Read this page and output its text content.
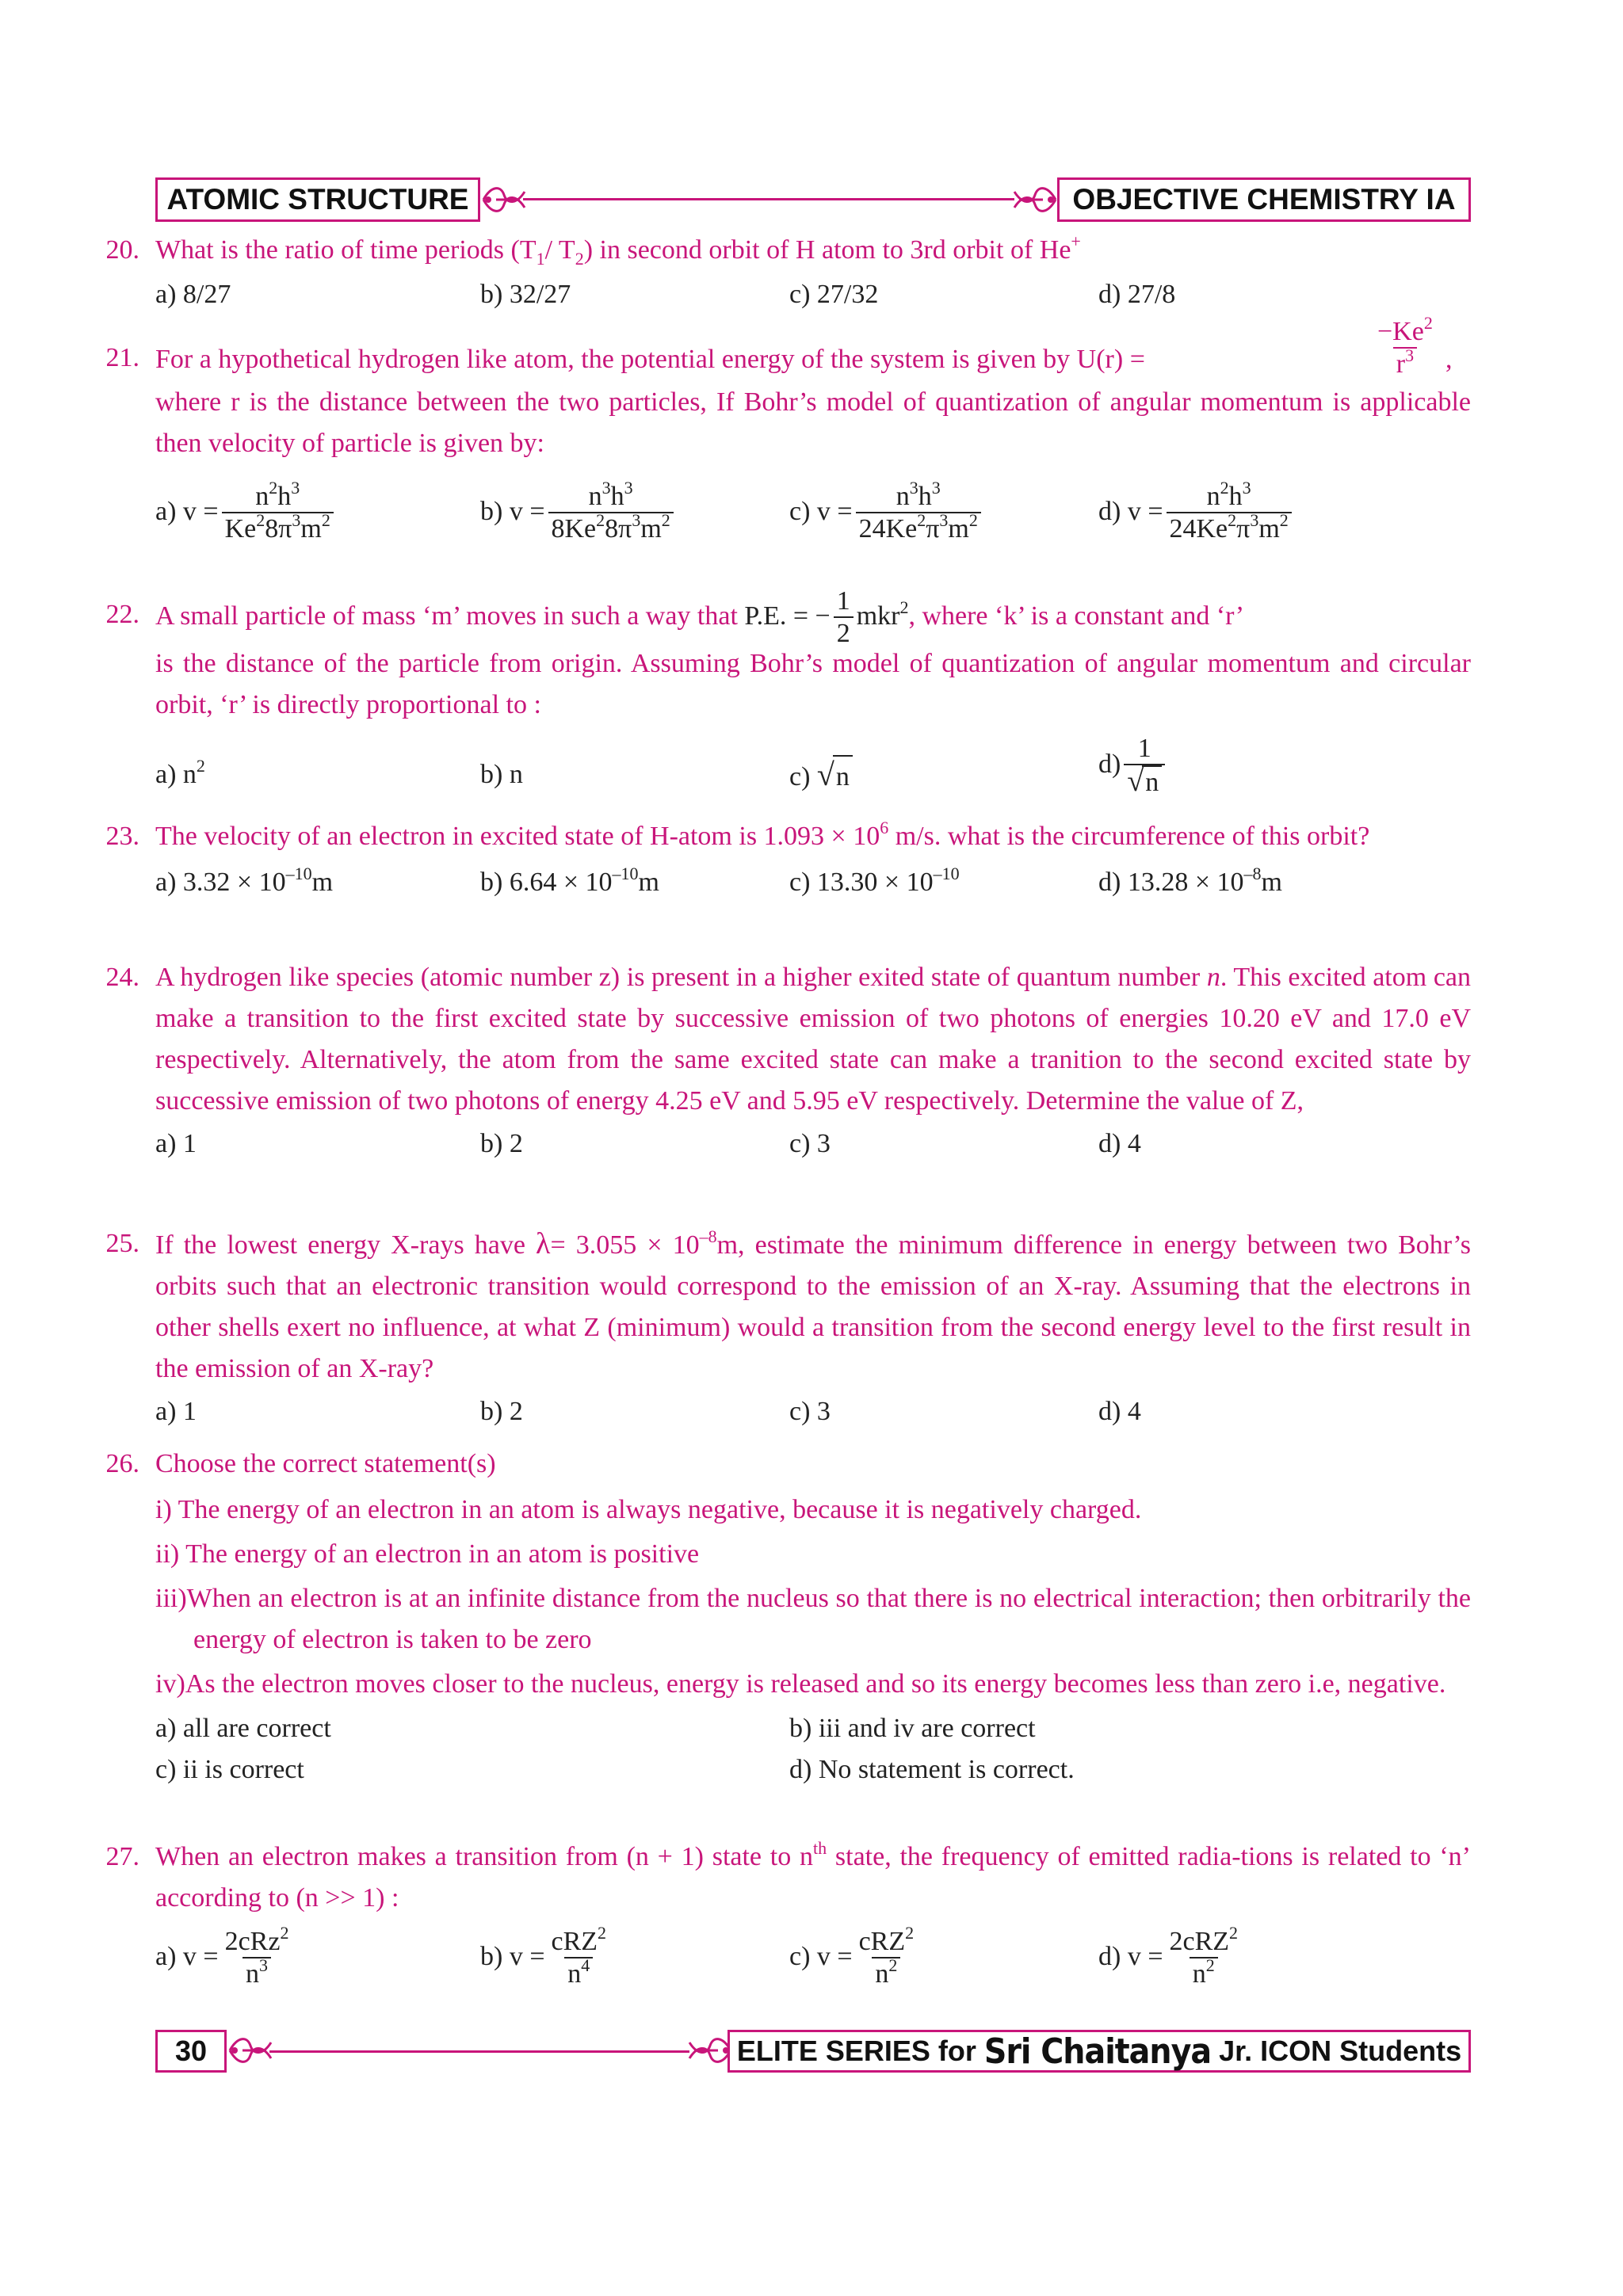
ATOMIC STRUCTURE	OBJECTIVE CHEMISTRY IA
20. What is the ratio of time periods ($T_1/$ $T_2$) in second orbit of H atom to 3rd orbit of He+
a) 8/27	b) 32/27	c) 27/32	d) 27/8
21. For a hypothetical hydrogen like atom, the potential energy of the system is given by U(r) =	$\frac{-Ke^2}{r^3}$ ,
where r is the distance between the two particles, If Bohr’s model of quantization of angular momentum is applicable then velocity of particle is given by:
a) $v = \frac{n^2h^3}{Ke^28\pi^3m^2}$	b) $v = \frac{n^3h^3}{8Ke^28\pi^3m^2}$	c) $v = \frac{n^3h^3}{24Ke^2\pi^3m^2}$	d) $v = \frac{n^2h^3}{24Ke^2\pi^3m^2}$
22. A small particle of mass ‘m’ moves in such a way that P.E. = − $\frac{1}{2} mkr^2$, where ‘k’ is a constant and ‘r’
is the distance of the particle from origin. Assuming Bohr’s model of quantization of angular momentum and circular orbit, ‘r’ is directly proportional to :
a) $n^2$	b) n	c) √n	$d) \frac{1}{√n}$
23. The velocity of an electron in excited state of H-atom is $1.093 \times 10^6$ m/s. what is the circumference of this orbit?
a) $3.32 \times 10^{-10}m$	b) $6.64 \times 10^{-10}m$	c) $13.30 \times 10^{-10}$	d) $13.28 \times 10^{-8}m$
24. A hydrogen like species (atomic number z) is present in a higher exited state of quantum number n. This excited atom can make a transition to the first excited state by successive emission of two photons of energies 10.20 eV and 17.0 eV respectively. Alternatively, the atom from the same excited state can make a tranition to the second excited state by successive emission of two photons of energy 4.25 eV and 5.95 eV respectively. Determine the value of Z,
a) 1	b) 2	c) 3	d) 4
25. If the lowest energy X-rays have $\lambda= 3.055 \times 10^{-8}m$, estimate the minimum difference in energy between two Bohr’s orbits such that an electronic transition would correspond to the emission of an X-ray. Assuming that the electrons in other shells exert no influence, at what Z (minimum) would a transition from the second energy level to the first result in the emission of an X-ray?
a) 1	b) 2	c) 3	d) 4
26. Choose the correct statement(s)
i) The energy of an electron in an atom is always negative, because it is negatively charged.
ii) The energy of an electron in an atom is positive
iii)When an electron is at an infinite distance from the nucleus so that there is no electrical interaction; then orbitrarily the energy of electron is taken to be zero
iv)As the electron moves closer to the nucleus, energy is released and so its energy becomes less than zero i.e, negative.
a) all are correct	b) iii and iv are correct
c) ii is correct	d) No statement is correct.
27. When an electron makes a transition from (n + 1) state to $n^{th}$ state, the frequency of emitted radia-tions is related to ‘n’ according to (n >> 1) :
a) $v = \frac{2cRz^2}{n^3}$	b) $v = \frac{cRZ^2}{n^4}$	c) $v = \frac{cRZ^2}{n^2}$	d) $v = \frac{2cRZ^2}{n^2}$
30	ELITE SERIES for
Sri Chaitanya
Jr. ICON Students
